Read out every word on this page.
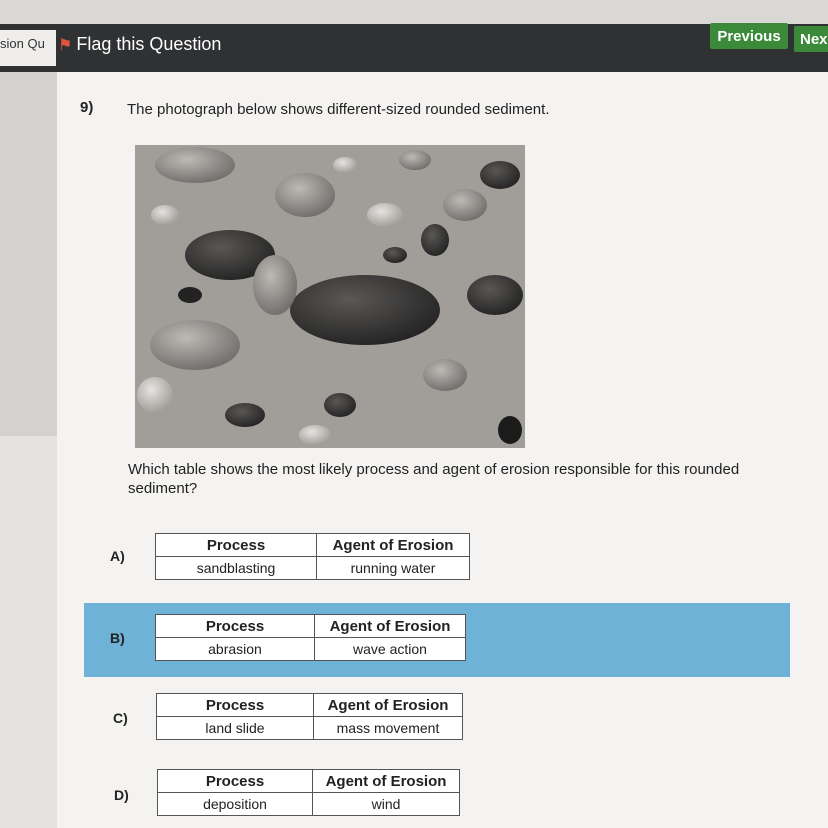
sion Qu ⚑ Flag this Question	Previous	Nex
9) The photograph below shows different-sized rounded sediment.
Which table shows the most likely process and agent of erosion responsible for this rounded sediment?
A)
Process	Agent of Erosion
sandblasting	running water
B)
Process	Agent of Erosion
abrasion	wave action
C)
Process	Agent of Erosion
land slide	mass movement
D)
Process	Agent of Erosion
deposition	wind
